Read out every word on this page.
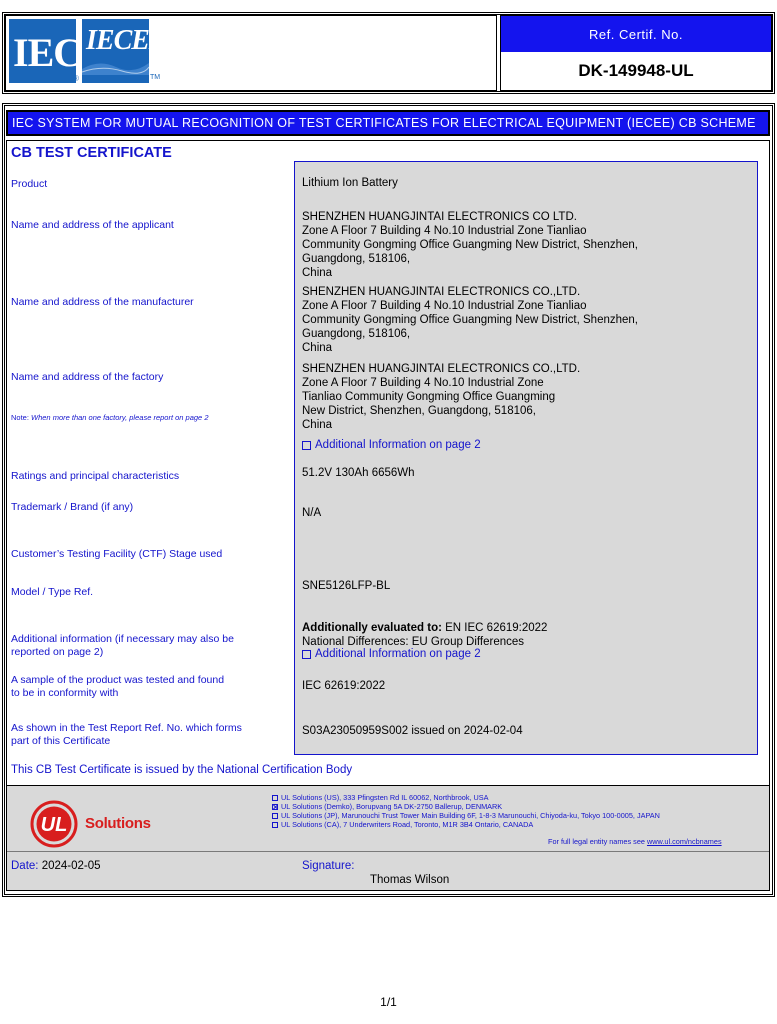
IEC
®
IECEE
TM
Ref. Certif. No.
DK-149948-UL
IEC SYSTEM FOR MUTUAL RECOGNITION OF TEST CERTIFICATES FOR ELECTRICAL EQUIPMENT (IECEE) CB SCHEME
CB TEST CERTIFICATE
Product
Name and address of the applicant
Name and address of the manufacturer
Name and address of the factory
Note: When more than one factory, please report on page 2
Ratings and principal characteristics
Trademark / Brand (if any)
Customer’s Testing Facility (CTF) Stage used
Model / Type Ref.
Additional information (if necessary may also be
reported on page 2)
A sample of the product was tested and found
to be in conformity with
As shown in the Test Report Ref. No. which forms
part of this Certificate
Lithium Ion Battery
SHENZHEN HUANGJINTAI ELECTRONICS CO LTD.
Zone A Floor 7 Building 4 No.10 Industrial Zone Tianliao
Community Gongming Office Guangming New District, Shenzhen,
Guangdong, 518106,
China
SHENZHEN HUANGJINTAI ELECTRONICS CO.,LTD.
Zone A Floor 7 Building 4 No.10 Industrial Zone Tianliao
Community Gongming Office Guangming New District, Shenzhen,
Guangdong, 518106,
China
SHENZHEN HUANGJINTAI ELECTRONICS CO.,LTD.
Zone A Floor 7 Building 4 No.10 Industrial Zone
Tianliao Community Gongming Office Guangming
New District, Shenzhen, Guangdong, 518106,
China
Additional Information on page 2
51.2V 130Ah 6656Wh
N/A
SNE5126LFP-BL
Additionally evaluated to: EN IEC 62619:2022
National Differences: EU Group Differences
Additional Information on page 2
IEC 62619:2022
S03A23050959S002 issued on 2024-02-04
This CB Test Certificate is issued by the National Certification Body
UL Solutions
UL Solutions (US), 333 Pfingsten Rd IL 60062, Northbrook, USA
UL Solutions (Demko), Borupvang 5A DK-2750 Ballerup, DENMARK
UL Solutions (JP), Marunouchi Trust Tower Main Building 6F, 1-8-3 Marunouchi, Chiyoda-ku, Tokyo 100-0005, JAPAN
UL Solutions (CA), 7 Underwriters Road, Toronto, M1R 3B4 Ontario, CANADA
For full legal entity names see www.ul.com/ncbnames
Date: 2024-02-05	Signature:
Thomas Wilson
1/1
